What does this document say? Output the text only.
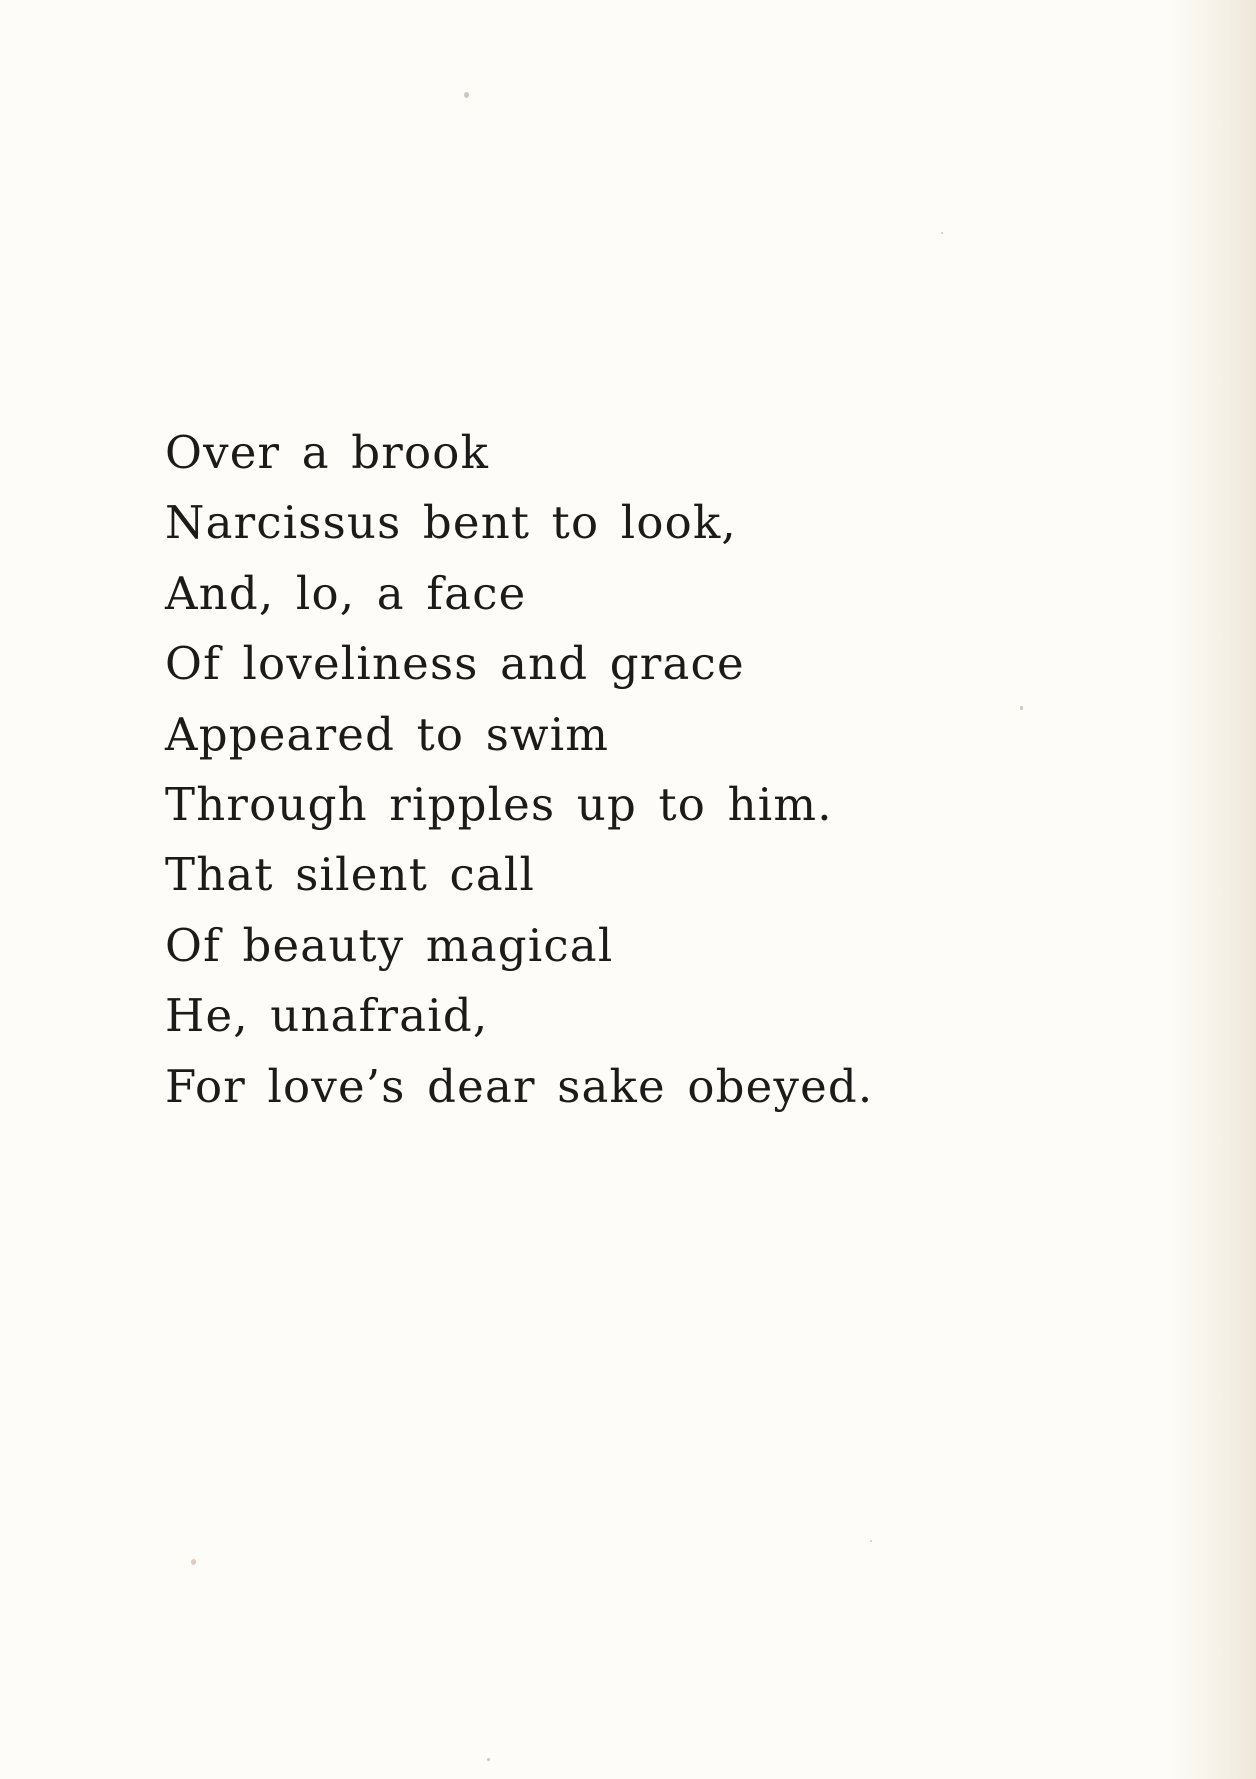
Over a brook
Narcissus bent to look,
And, lo, a face
Of loveliness and grace
Appeared to swim
Through ripples up to him.
That silent call
Of beauty magical
He, unafraid,
For love’s dear sake obeyed.
